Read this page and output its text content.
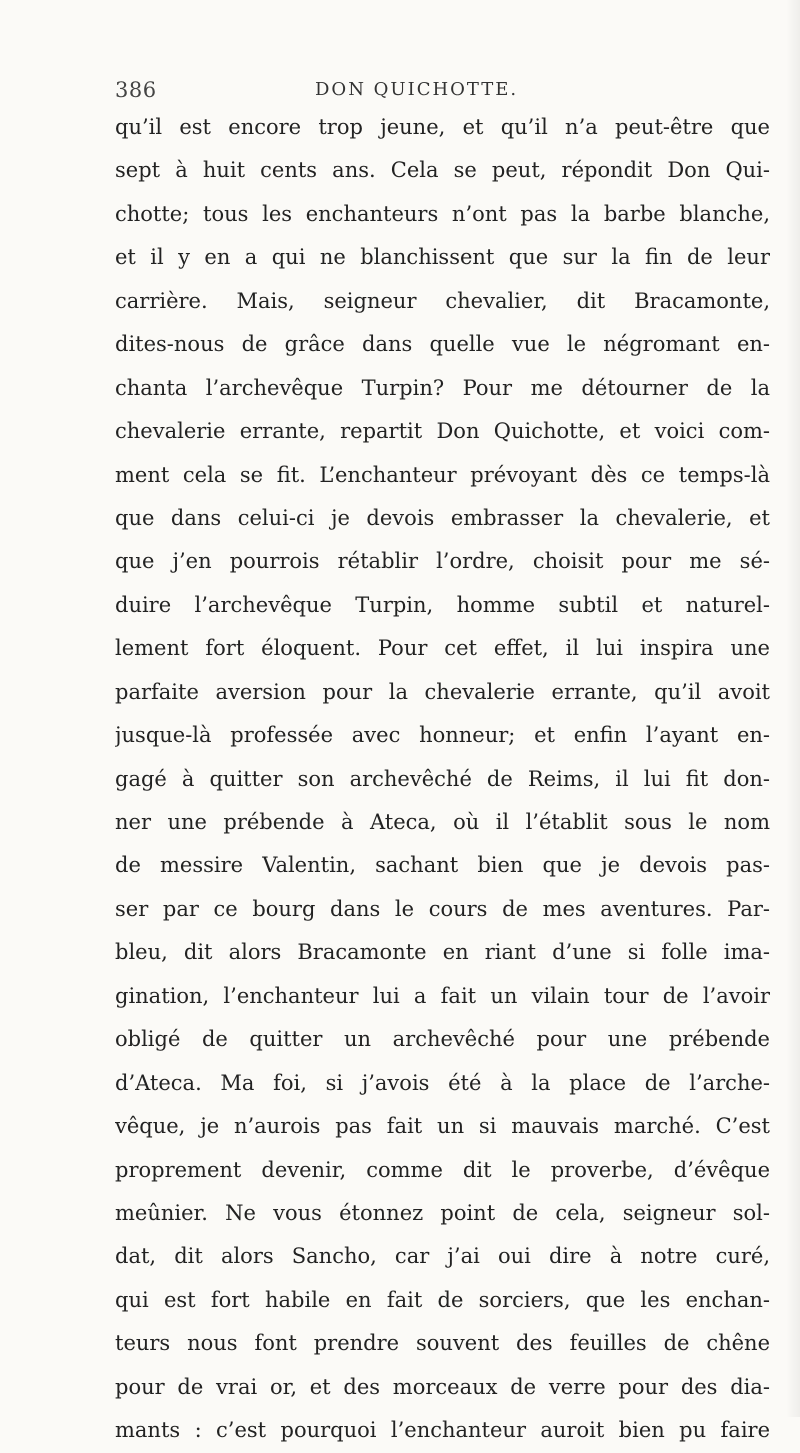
386	DON QUICHOTTE.
qu’il est encore trop jeune, et qu’il n’a peut-être que
sept à huit cents ans. Cela se peut, répondit Don Qui-
chotte; tous les enchanteurs n’ont pas la barbe blanche,
et il y en a qui ne blanchissent que sur la fin de leur
carrière. Mais, seigneur chevalier, dit Bracamonte,
dites-nous de grâce dans quelle vue le négromant en-
chanta l’archevêque Turpin? Pour me détourner de la
chevalerie errante, repartit Don Quichotte, et voici com-
ment cela se fit. L’enchanteur prévoyant dès ce temps-là
que dans celui-ci je devois embrasser la chevalerie, et
que j’en pourrois rétablir l’ordre, choisit pour me sé-
duire l’archevêque Turpin, homme subtil et naturel-
lement fort éloquent. Pour cet effet, il lui inspira une
parfaite aversion pour la chevalerie errante, qu’il avoit
jusque-là professée avec honneur; et enfin l’ayant en-
gagé à quitter son archevêché de Reims, il lui fit don-
ner une prébende à Ateca, où il l’établit sous le nom
de messire Valentin, sachant bien que je devois pas-
ser par ce bourg dans le cours de mes aventures. Par-
bleu, dit alors Bracamonte en riant d’une si folle ima-
gination, l’enchanteur lui a fait un vilain tour de l’avoir
obligé de quitter un archevêché pour une prébende
d’Ateca. Ma foi, si j’avois été à la place de l’arche-
vêque, je n’aurois pas fait un si mauvais marché. C’est
proprement devenir, comme dit le proverbe, d’évêque
meûnier. Ne vous étonnez point de cela, seigneur sol-
dat, dit alors Sancho, car j’ai oui dire à notre curé,
qui est fort habile en fait de sorciers, que les enchan-
teurs nous font prendre souvent des feuilles de chêne
pour de vrai or, et des morceaux de verre pour des dia-
mants : c’est pourquoi l’enchanteur auroit bien pu faire
